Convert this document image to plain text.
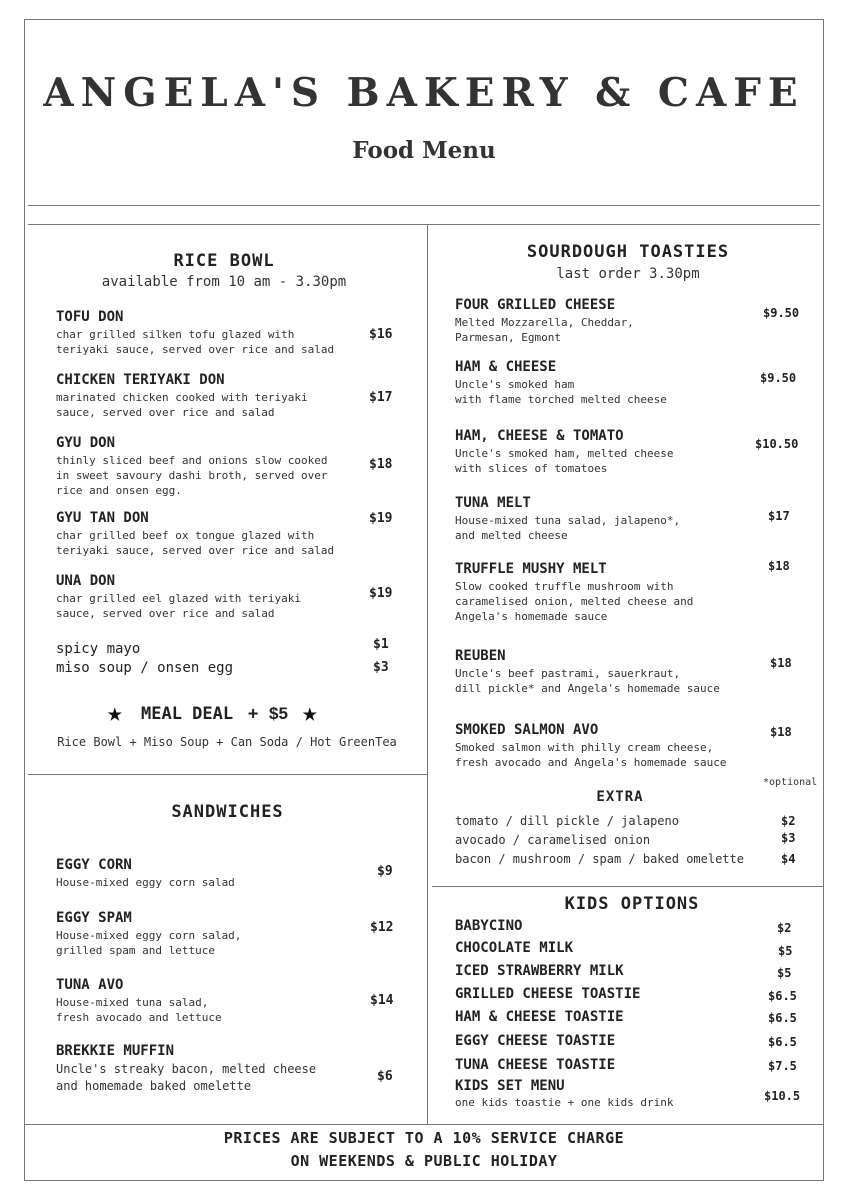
ANGELA'S BAKERY & CAFE
Food Menu
RICE BOWL
available from 10 am - 3.30pm
TOFU DON
char grilled silken tofu glazed with
teriyaki sauce, served over rice and salad
$16
CHICKEN TERIYAKI DON
marinated chicken cooked with teriyaki
sauce, served over rice and salad
$17
GYU DON
thinly sliced beef and onions slow cooked
in sweet savoury dashi broth, served over
rice and onsen egg.
$18
GYU TAN DON
char grilled beef ox tongue glazed with
teriyaki sauce, served over rice and salad
$19
UNA DON
char grilled eel glazed with teriyaki
sauce, served over rice and salad
$19
spicy mayo	$1
miso soup / onsen egg	$3
★ MEAL DEAL + $5 ★
Rice Bowl + Miso Soup + Can Soda / Hot GreenTea
SANDWICHES
EGGY CORN
House-mixed eggy corn salad
$9
EGGY SPAM
House-mixed eggy corn salad,
grilled spam and lettuce
$12
TUNA AVO
House-mixed tuna salad,
fresh avocado and lettuce
$14
BREKKIE MUFFIN
Uncle's streaky bacon, melted cheese
and homemade baked omelette
$6
SOURDOUGH TOASTIES
last order 3.30pm
FOUR GRILLED CHEESE
Melted Mozzarella, Cheddar,
Parmesan, Egmont
$9.50
HAM & CHEESE
Uncle's smoked ham
with flame torched melted cheese
$9.50
HAM, CHEESE & TOMATO
Uncle's smoked ham, melted cheese
with slices of tomatoes
$10.50
TUNA MELT
House-mixed tuna salad, jalapeno*,
and melted cheese
$17
TRUFFLE MUSHY MELT
Slow cooked truffle mushroom with
caramelised onion, melted cheese and
Angela's homemade sauce
$18
REUBEN
Uncle's beef pastrami, sauerkraut,
dill pickle* and Angela's homemade sauce
$18
SMOKED SALMON AVO
Smoked salmon with philly cream cheese,
fresh avocado and Angela's homemade sauce
$18
*optional
EXTRA
tomato / dill pickle / jalapeno	$2
avocado / caramelised onion	$3
bacon / mushroom / spam / baked omelette	$4
KIDS OPTIONS
BABYCINO	$2
CHOCOLATE MILK	$5
ICED STRAWBERRY MILK	$5
GRILLED CHEESE TOASTIE	$6.5
HAM & CHEESE TOASTIE	$6.5
EGGY CHEESE TOASTIE	$6.5
TUNA CHEESE TOASTIE	$7.5
KIDS SET MENU
one kids toastie + one kids drink	$10.5
PRICES ARE SUBJECT TO A 10% SERVICE CHARGE
ON WEEKENDS & PUBLIC HOLIDAY
